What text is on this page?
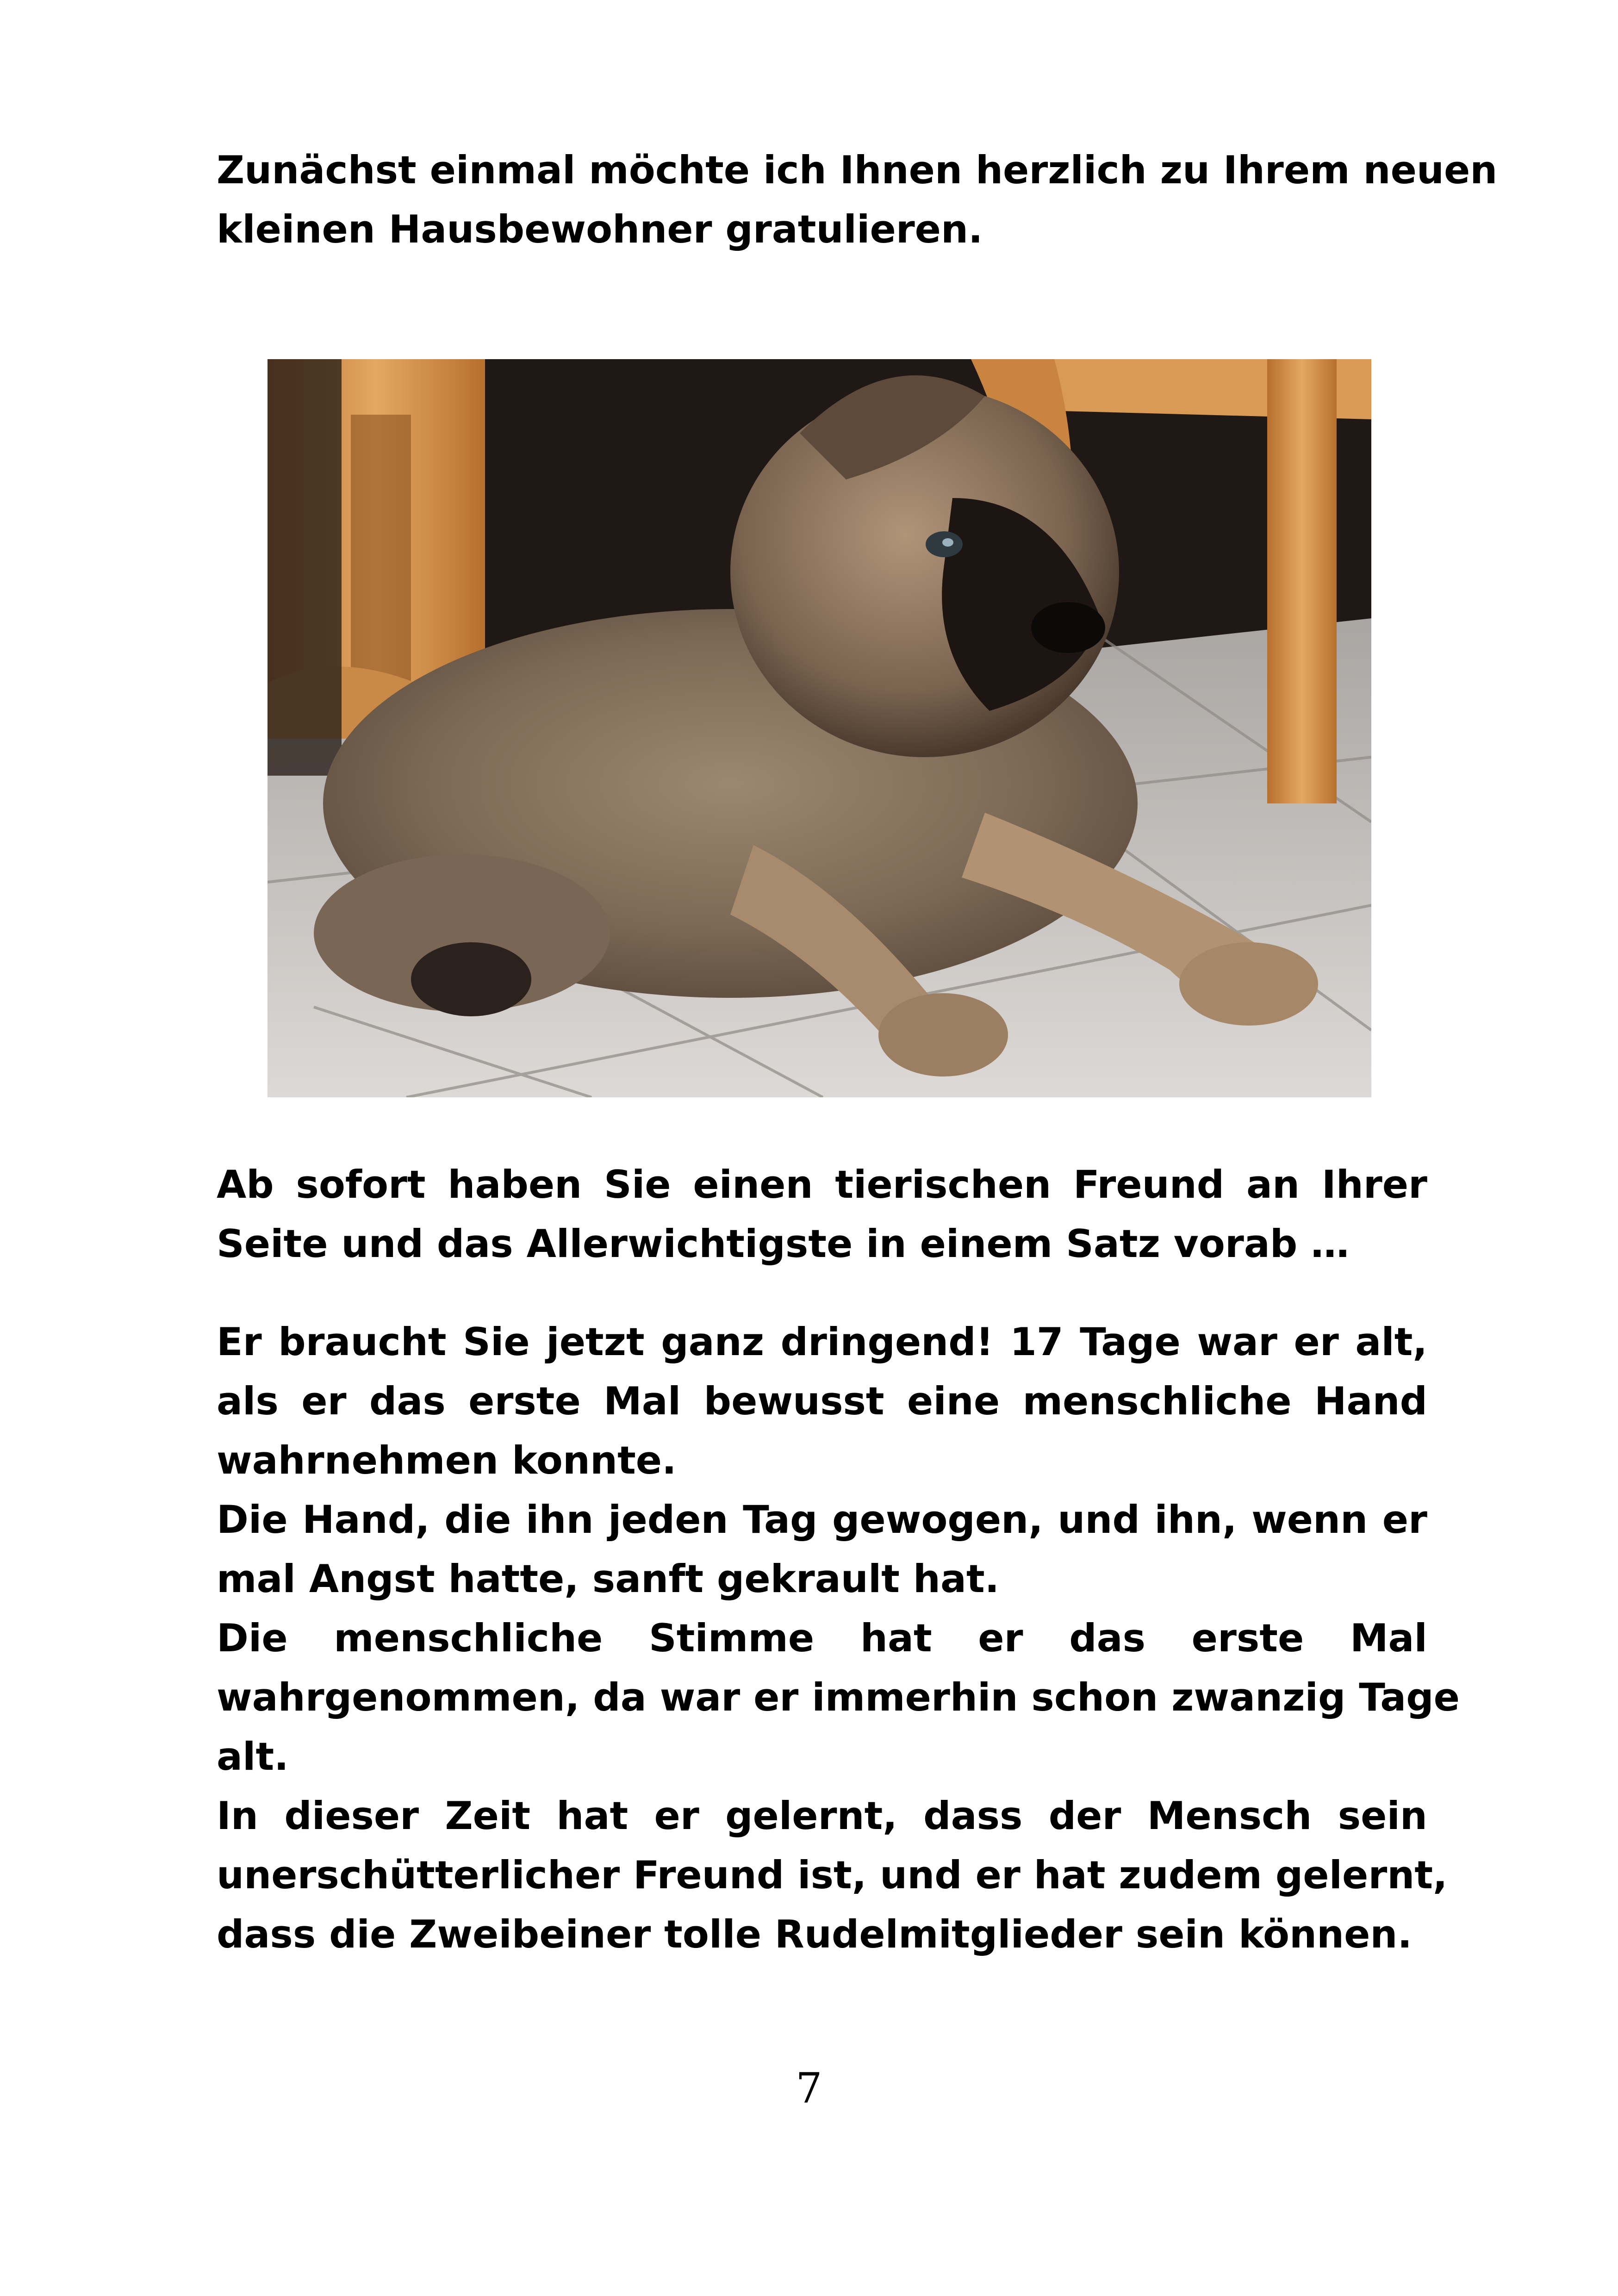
Zunächst einmal möchte ich Ihnen herzlich zu Ihrem neuen
kleinen Hausbewohner gratulieren.
Ab sofort haben Sie einen tierischen Freund an Ihrer
Seite und das Allerwichtigste in einem Satz vorab …
Er braucht Sie jetzt ganz dringend! 17 Tage war er alt,
als er das erste Mal bewusst eine menschliche Hand
wahrnehmen konnte.
Die Hand, die ihn jeden Tag gewogen, und ihn, wenn er
mal Angst hatte, sanft gekrault hat.
Die menschliche Stimme hat er das erste Mal
wahrgenommen, da war er immerhin schon zwanzig Tage
alt.
In dieser Zeit hat er gelernt, dass der Mensch sein
unerschütterlicher Freund ist, und er hat zudem gelernt,
dass die Zweibeiner tolle Rudelmitglieder sein können.
7
